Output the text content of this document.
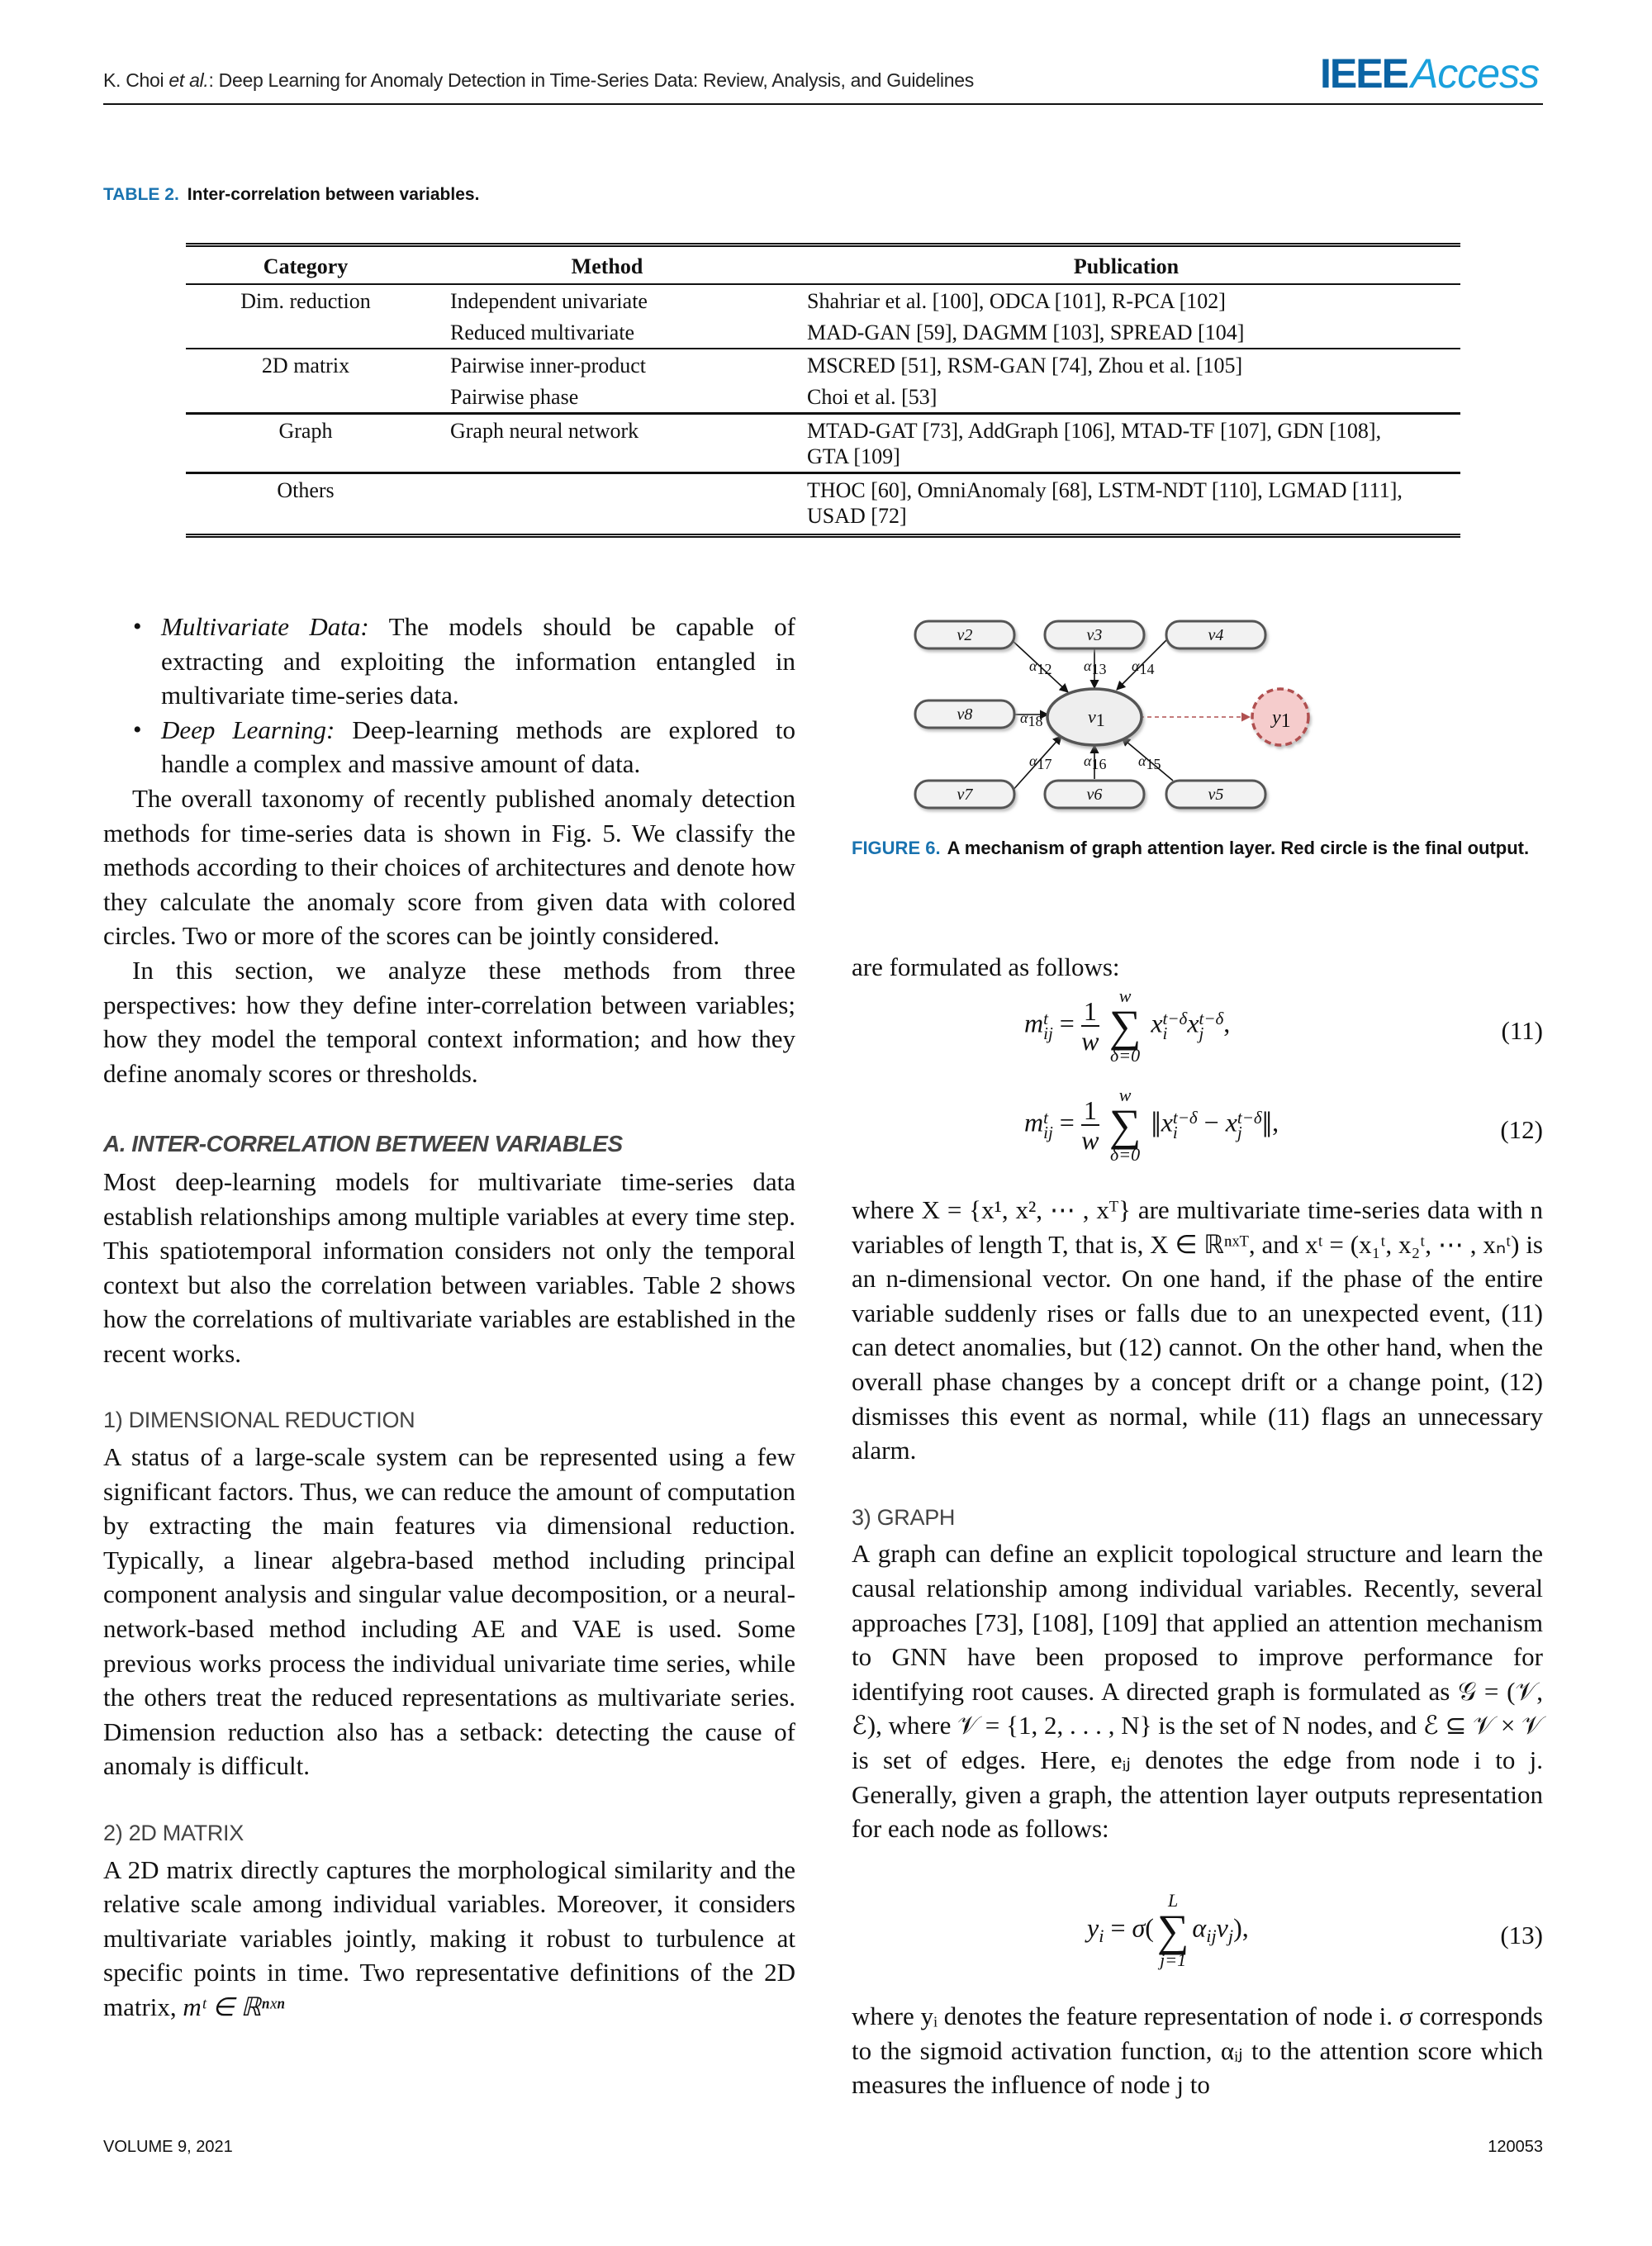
K. Choi et al.: Deep Learning for Anomaly Detection in Time-Series Data: Review, Analysis, and Guidelines	IEEEAccess
TABLE 2. Inter-correlation between variables.
Category	Method	Publication
Dim. reduction	Independent univariate	Shahriar et al. [100], ODCA [101], R-PCA [102]
	Reduced multivariate	MAD-GAN [59], DAGMM [103], SPREAD [104]
2D matrix	Pairwise inner-product	MSCRED [51], RSM-GAN [74], Zhou et al. [105]
	Pairwise phase	Choi et al. [53]
Graph	Graph neural network	MTAD-GAT [73], AddGraph [106], MTAD-TF [107], GDN [108],
GTA [109]

Others		THOC [60], OmniAnomaly [68], LSTM-NDT [110], LGMAD [111],
USAD [72]
• Multivariate Data: The models should be capable of extracting and exploiting the information entangled in multivariate time-series data.
• Deep Learning: Deep-learning methods are explored to handle a complex and massive amount of data.

The overall taxonomy of recently published anomaly detection methods for time-series data is shown in Fig. 5. We classify the methods according to their choices of architectures and denote how they calculate the anomaly score from given data with colored circles. Two or more of the scores can be jointly considered.

In this section, we analyze these methods from three perspectives: how they define inter-correlation between variables; how they model the temporal context information; and how they define anomaly scores or thresholds.

A. INTER-CORRELATION BETWEEN VARIABLES

Most deep-learning models for multivariate time-series data establish relationships among multiple variables at every time step. This spatiotemporal information considers not only the temporal context but also the correlation between variables. Table 2 shows how the correlations of multivariate variables are established in the recent works.

1) DIMENSIONAL REDUCTION

A status of a large-scale system can be represented using a few significant factors. Thus, we can reduce the amount of computation by extracting the main features via dimensional reduction. Typically, a linear algebra-based method including principal component analysis and singular value decomposition, or a neural-network-based method including AE and VAE is used. Some previous works process the individual univariate time series, while the others treat the reduced representations as multivariate series. Dimension reduction also has a setback: detecting the cause of anomaly is difficult.

2) 2D MATRIX

A 2D matrix directly captures the morphological similarity and the relative scale among individual variables. Moreover, it considers multivariate variables jointly, making it robust to turbulence at specific points in time. Two representative definitions of the 2D matrix, mᵗ ∈ ℝⁿˣⁿ

α12 α13 α14
α18
α17 α16 α15
v2	v3	v4
v8
v7	v6	v5
v1	y1
FIGURE 6. A mechanism of graph attention layer. Red circle is the final output.

are formulated as follows:

m t
ij = $\frac{1}{w}$

w
∑
δ=0
x t−δ
i x t−δ
j ,	(11)
m t
ij = $\frac{1}{w}$

w
∑
δ=0
‖x t−δ
i − x t−δ
j ‖,	(12)

where X = {x¹, x², ⋯ , xᵀ} are multivariate time-series data with n variables of length T, that is, X ∈ ℝⁿˣᵀ, and xᵗ = (x₁ᵗ, x₂ᵗ, ⋯ , xₙᵗ) is an n-dimensional vector. On one hand, if the phase of the entire variable suddenly rises or falls due to an unexpected event, (11) can detect anomalies, but (12) cannot. On the other hand, when the overall phase changes by a concept drift or a change point, (12) dismisses this event as normal, while (11) flags an unnecessary alarm.

3) GRAPH

A graph can define an explicit topological structure and learn the causal relationship among individual variables. Recently, several approaches [73], [108], [109] that applied an attention mechanism to GNN have been proposed to improve performance for identifying root causes. A directed graph is formulated as 𝒢 = (𝒱, ℰ), where 𝒱 = {1, 2, . . . , N} is the set of N nodes, and ℰ ⊆ 𝒱 × 𝒱 is set of edges. Here, eᵢⱼ denotes the edge from node i to j. Generally, given a graph, the attention layer outputs representation for each node as follows:

$y_i = \sigma$(
L
∑
j=1
$\alpha_{ij}v_j$),	(13)

where yᵢ denotes the feature representation of node i. σ corresponds to the sigmoid activation function, αᵢⱼ to the attention score which measures the influence of node j to

VOLUME 9, 2021	120053
